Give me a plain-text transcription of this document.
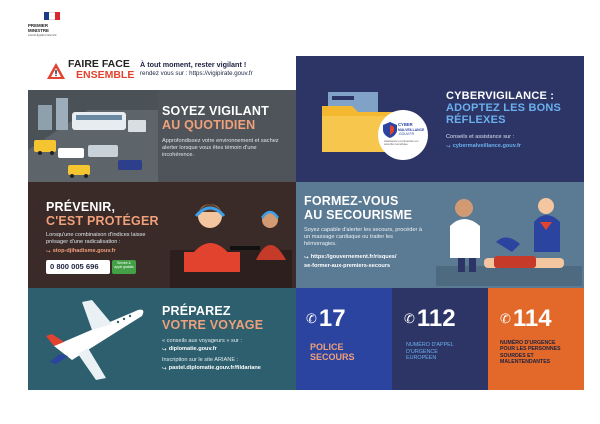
PREMIER
MINISTRE
Liberté Égalité Fraternité
FAIRE FACE
ENSEMBLE
À tout moment, rester vigilant !
rendez vous sur : https://vigipirate.gouv.fr
SOYEZ VIGILANT
AU QUOTIDIEN
Approfondissez votre environnement et sachez alerter lorsque vous êtes témoin d'une incohérence.
CYBER
MALVEILLANCE
.GOUV.FR
Assistance et prévention en sécurité numérique
CYBERVIGILANCE :
ADOPTEZ LES BONS
RÉFLEXES
Conseils et assistance sur :
↪ cybermalveillance.gouv.fr
PRÉVENIR,
C'EST PROTÉGER
Lorsqu'une combinaison d'indices laisse présager d'une radicalisation :
↪ stop-djihadisme.gouv.fr
0 800 005 696	Service & appel gratuits
FORMEZ-VOUS
AU SECOURISME
Soyez capable d'alerter les secours, procéder à un massage cardiaque ou traiter les hémorragies.
↪ https://gouvernement.fr/risques/
se-former-aux-premiers-secours
PRÉPAREZ
VOTRE VOYAGE
« conseils aux voyageurs » sur :
↪ diplomatie.gouv.fr
Inscription sur le site ARIANE :
↪ pastel.diplomatie.gouv.fr/fildariane
✆ 17
POLICE
SECOURS
✆ 112
NUMÉRO D'APPEL
D'URGENCE
EUROPÉEN
✆ 114
NUMÉRO D'URGENCE
POUR LES PERSONNES
SOURDES ET
MALENTENDANTES
